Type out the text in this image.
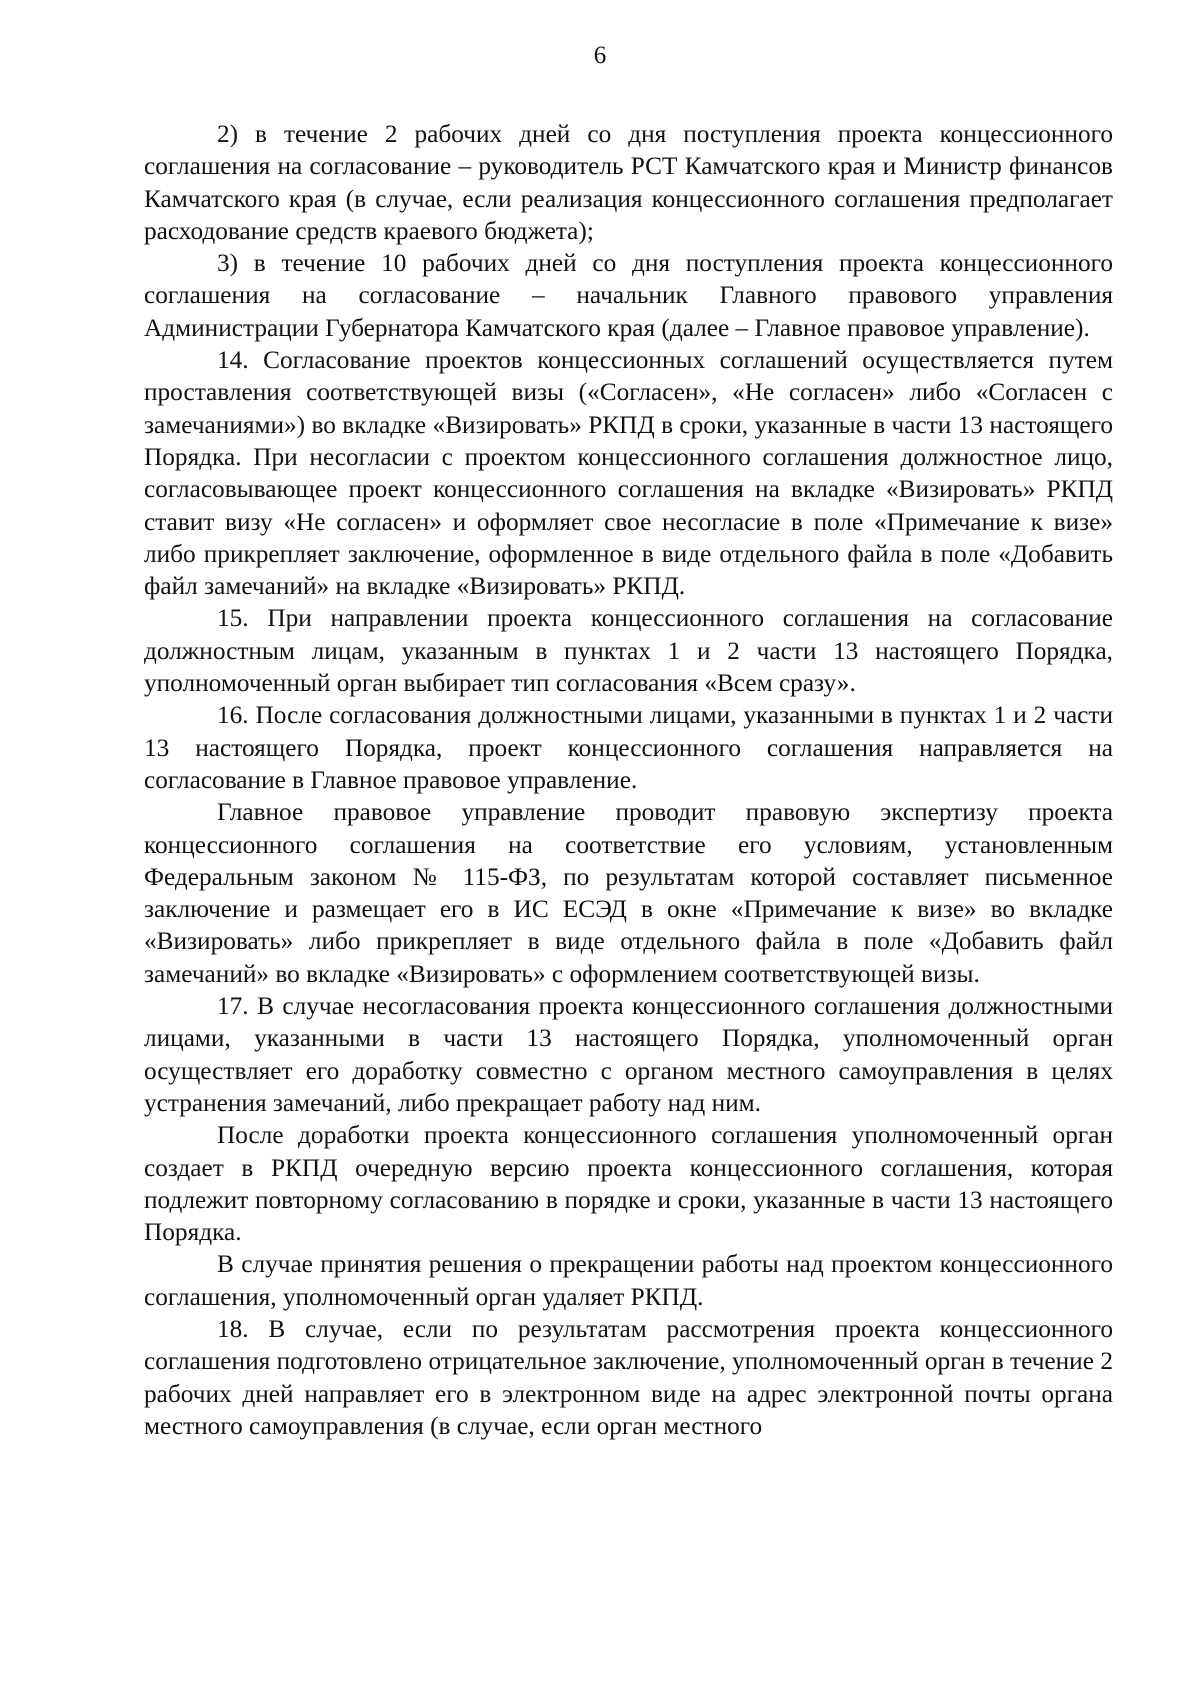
6

2) в течение 2 рабочих дней со дня поступления проекта концессионного соглашения на согласование – руководитель РСТ Камчатского края и Министр финансов Камчатского края (в случае, если реализация концессионного соглашения предполагает расходование средств краевого бюджета);

3) в течение 10 рабочих дней со дня поступления проекта концессионного соглашения на согласование – начальник Главного правового управления Администрации Губернатора Камчатского края (далее – Главное правовое управление).

14. Согласование проектов концессионных соглашений осуществляется путем проставления соответствующей визы («Согласен», «Не согласен» либо «Согласен с замечаниями») во вкладке «Визировать» РКПД в сроки, указанные в части 13 настоящего Порядка. При несогласии с проектом концессионного соглашения должностное лицо, согласовывающее проект концессионного соглашения на вкладке «Визировать» РКПД ставит визу «Не согласен» и оформляет свое несогласие в поле «Примечание к визе» либо прикрепляет заключение, оформленное в виде отдельного файла в поле «Добавить файл замечаний» на вкладке «Визировать» РКПД.

15. При направлении проекта концессионного соглашения на согласование должностным лицам, указанным в пунктах 1 и 2 части 13 настоящего Порядка, уполномоченный орган выбирает тип согласования «Всем сразу».

16. После согласования должностными лицами, указанными в пунктах 1 и 2 части 13 настоящего Порядка, проект концессионного соглашения направляется на согласование в Главное правовое управление.

Главное правовое управление проводит правовую экспертизу проекта концессионного соглашения на соответствие его условиям, установленным Федеральным законом № 115-ФЗ, по результатам которой составляет письменное заключение и размещает его в ИС ЕСЭД в окне «Примечание к визе» во вкладке «Визировать» либо прикрепляет в виде отдельного файла в поле «Добавить файл замечаний» во вкладке «Визировать» с оформлением соответствующей визы.

17. В случае несогласования проекта концессионного соглашения должностными лицами, указанными в части 13 настоящего Порядка, уполномоченный орган осуществляет его доработку совместно с органом местного самоуправления в целях устранения замечаний, либо прекращает работу над ним.

После доработки проекта концессионного соглашения уполномоченный орган создает в РКПД очередную версию проекта концессионного соглашения, которая подлежит повторному согласованию в порядке и сроки, указанные в части 13 настоящего Порядка.

В случае принятия решения о прекращении работы над проектом концессионного соглашения, уполномоченный орган удаляет РКПД.

18. В случае, если по результатам рассмотрения проекта концессионного соглашения подготовлено отрицательное заключение, уполномоченный орган в течение 2 рабочих дней направляет его в электронном виде на адрес электронной почты органа местного самоуправления (в случае, если орган местного
